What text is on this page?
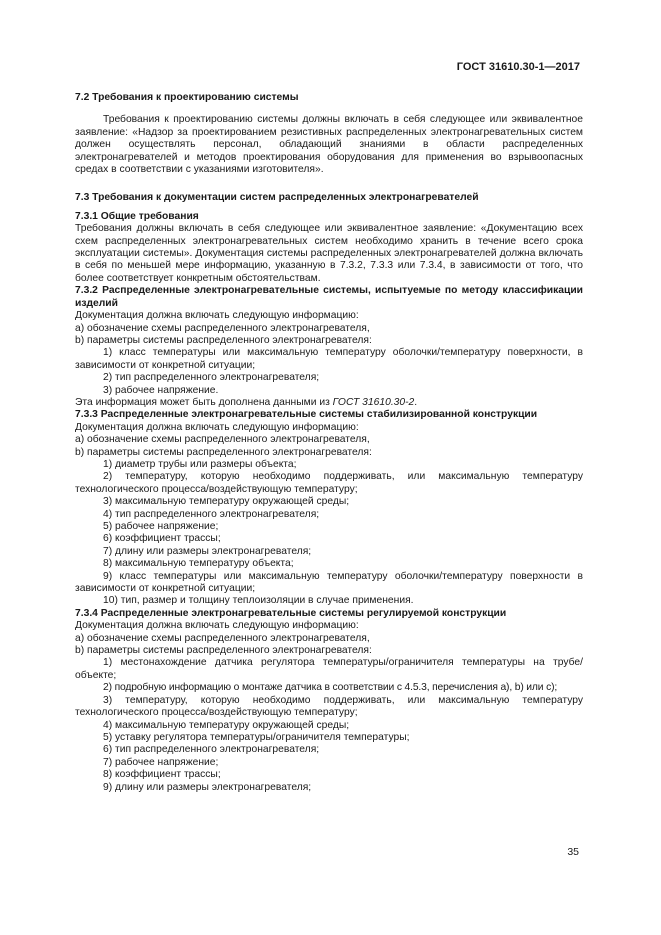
ГОСТ 31610.30-1—2017

7.2 Требования к проектированию системы

Требования к проектированию системы должны включать в себя следующее или эквивалентное заявление: «Надзор за проектированием резистивных распределенных электронагревательных систем должен осуществлять персонал, обладающий знаниями в области распределенных электронагревателей и методов проектирования оборудования для применения во взрывоопасных средах в соответствии с указаниями изготовителя».

7.3 Требования к документации систем распределенных электронагревателей

7.3.1 Общие требования

Требования должны включать в себя следующее или эквивалентное заявление: «Документацию всех схем распределенных электронагревательных систем необходимо хранить в течение всего срока эксплуатации системы». Документация системы распределенных электронагревателей должна включать в себя по меньшей мере информацию, указанную в 7.3.2, 7.3.3 или 7.3.4, в зависимости от того, что более соответствует конкретным обстоятельствам.

7.3.2 Распределенные электронагревательные системы, испытуемые по методу классификации изделий

Документация должна включать следующую информацию:

а) обозначение схемы распределенного электронагревателя,

b) параметры системы распределенного электронагревателя:

1) класс температуры или максимальную температуру оболочки/температуру поверхности, в зависимости от конкретной ситуации;

2) тип распределенного электронагревателя;

3) рабочее напряжение.

Эта информация может быть дополнена данными из ГОСТ 31610.30-2.

7.3.3 Распределенные электронагревательные системы стабилизированной конструкции

Документация должна включать следующую информацию:

а) обозначение схемы распределенного электронагревателя,

b) параметры системы распределенного электронагревателя:

1) диаметр трубы или размеры объекта;

2) температуру, которую необходимо поддерживать, или максимальную температуру технологического процесса/воздействующую температуру;

3) максимальную температуру окружающей среды;

4) тип распределенного электронагревателя;

5) рабочее напряжение;

6) коэффициент трассы;

7) длину или размеры электронагревателя;

8) максимальную температуру объекта;

9) класс температуры или максимальную температуру оболочки/температуру поверхности в зависимости от конкретной ситуации;

10) тип, размер и толщину теплоизоляции в случае применения.

7.3.4 Распределенные электронагревательные системы регулируемой конструкции

Документация должна включать следующую информацию:

а) обозначение схемы распределенного электронагревателя,

b) параметры системы распределенного электронагревателя:

1) местонахождение датчика регулятора температуры/ограничителя температуры на трубе/объекте;

2) подробную информацию о монтаже датчика в соответствии с 4.5.3, перечисления а), b) или с);

3) температуру, которую необходимо поддерживать, или максимальную температуру технологического процесса/воздействующую температуру;

4) максимальную температуру окружающей среды;

5) уставку регулятора температуры/ограничителя температуры;

6) тип распределенного электронагревателя;

7) рабочее напряжение;

8) коэффициент трассы;

9) длину или размеры электронагревателя;

35
